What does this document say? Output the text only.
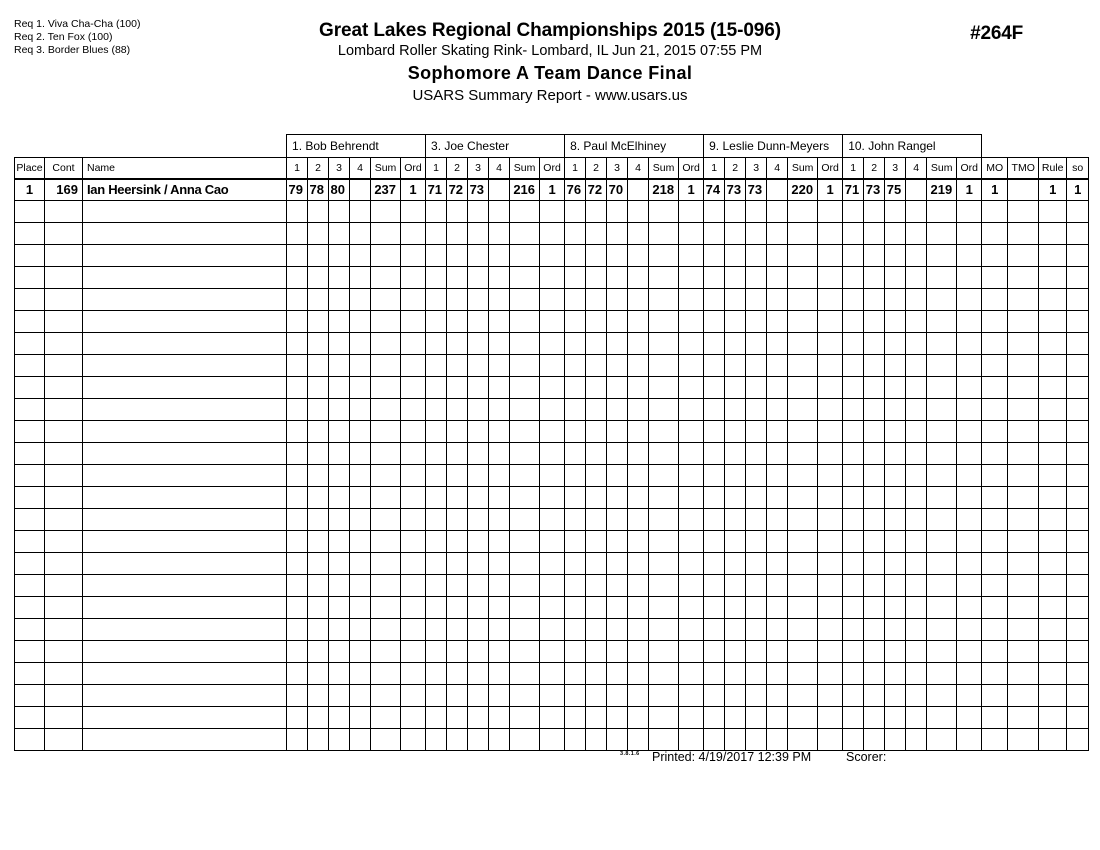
Req 1. Viva Cha-Cha (100)
Req 2. Ten Fox (100)
Req 3. Border Blues (88)
Great Lakes Regional Championships 2015 (15-096)
Lombard Roller Skating Rink- Lombard, IL Jun 21, 2015 07:55 PM
Sophomore A Team Dance Final
USARS Summary Report - www.usars.us
#264F
			1. Bob Behrendt						3. Joe Chester						8. Paul McElhiney						9. Leslie Dunn-Meyers						10. John Rangel									
Place	Cont	Name	1	2	3	4	Sum	Ord	1	2	3	4	Sum	Ord	1	2	3	4	Sum	Ord	1	2	3	4	Sum	Ord	1	2	3	4	Sum	Ord	MO	TMO	Rule	so
1	169	Ian Heersink / Anna Cao	79	78	80		237	1	71	72	73		216	1	76	72	70		218	1	74	73	73		220	1	71	73	75		219	1	1		1	1

3.8.1.6 Printed: 4/19/2017 12:39 PM	Scorer:
